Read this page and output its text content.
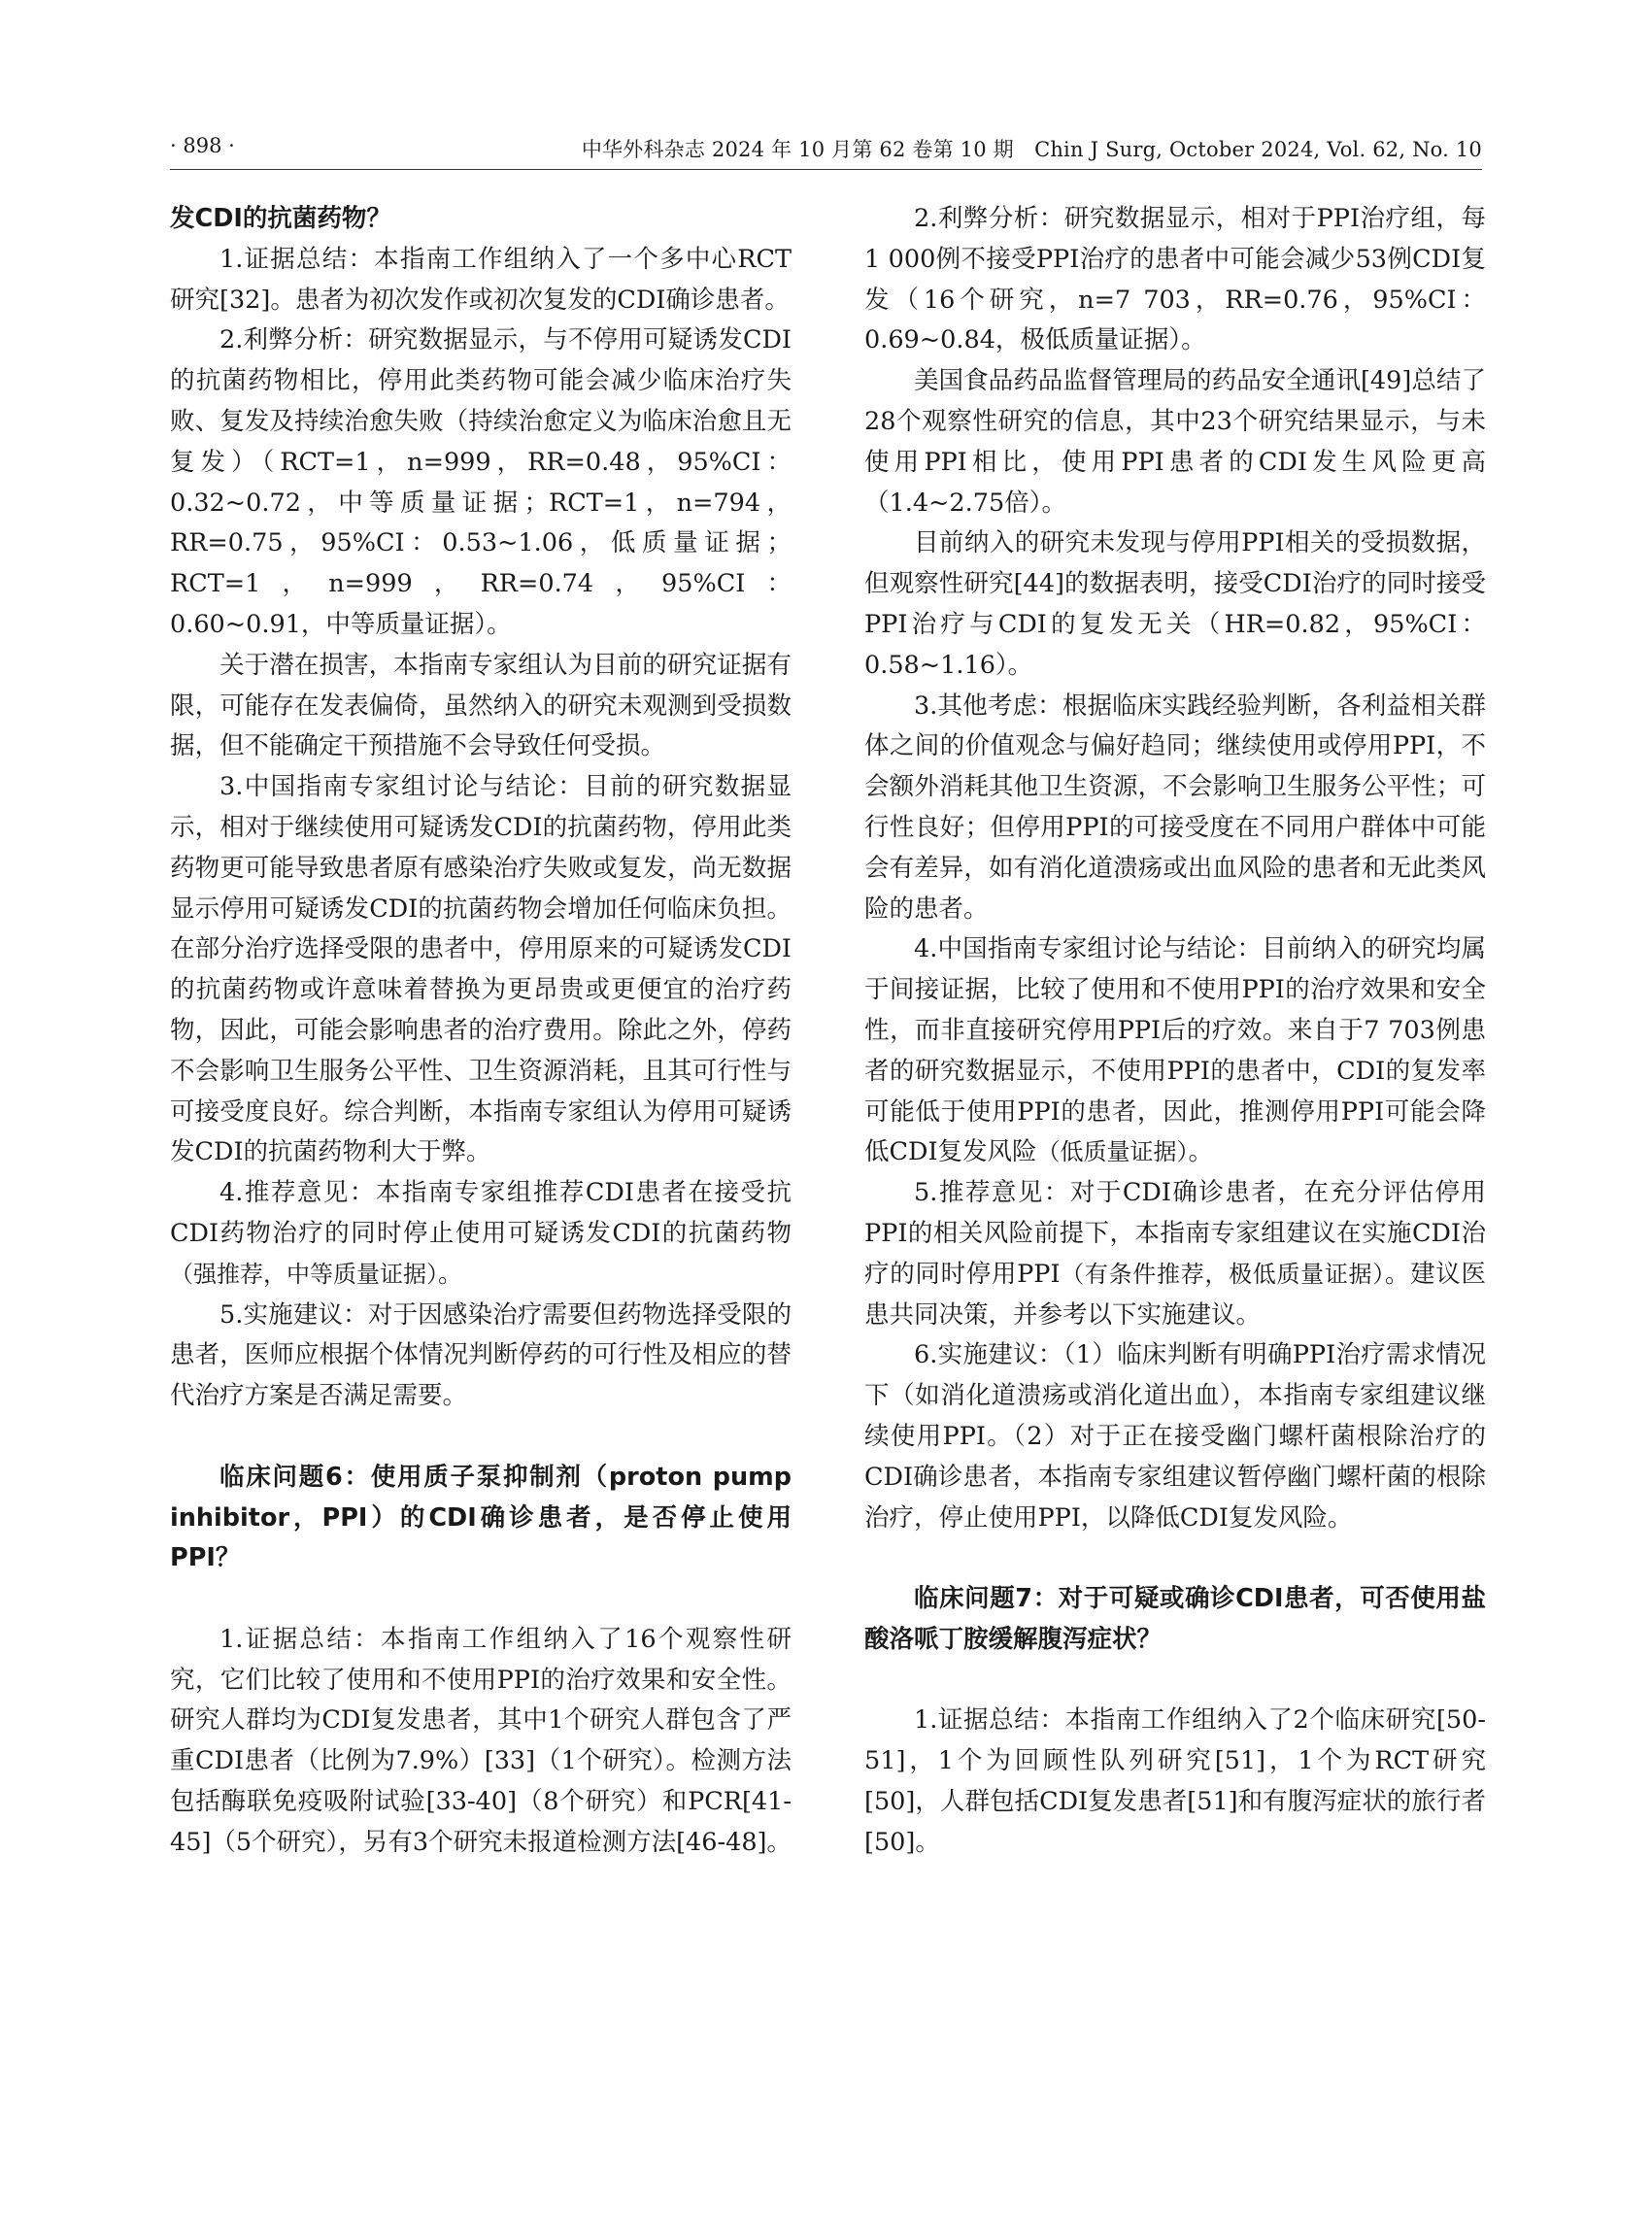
· 898 ·	中华外科杂志 2024 年 10 月第 62 卷第 10 期　Chin J Surg, October 2024, Vol. 62, No. 10

发CDI的抗菌药物？

1.证据总结：本指南工作组纳入了一个多中心RCT研究[32]。患者为初次发作或初次复发的CDI确诊患者。

2.利弊分析：研究数据显示，与不停用可疑诱发CDI的抗菌药物相比，停用此类药物可能会减少临床治疗失败、复发及持续治愈失败（持续治愈定义为临床治愈且无复发）（RCT=1，n=999，RR=0.48，95%CI：0.32~0.72，中等质量证据；RCT=1，n=794，RR=0.75，95%CI：0.53~1.06，低质量证据；RCT=1，n=999，RR=0.74，95%CI：0.60~0.91，中等质量证据）。

关于潜在损害，本指南专家组认为目前的研究证据有限，可能存在发表偏倚，虽然纳入的研究未观测到受损数据，但不能确定干预措施不会导致任何受损。

3.中国指南专家组讨论与结论：目前的研究数据显示，相对于继续使用可疑诱发CDI的抗菌药物，停用此类药物更可能导致患者原有感染治疗失败或复发，尚无数据显示停用可疑诱发CDI的抗菌药物会增加任何临床负担。在部分治疗选择受限的患者中，停用原来的可疑诱发CDI的抗菌药物或许意味着替换为更昂贵或更便宜的治疗药物，因此，可能会影响患者的治疗费用。除此之外，停药不会影响卫生服务公平性、卫生资源消耗，且其可行性与可接受度良好。综合判断，本指南专家组认为停用可疑诱发CDI的抗菌药物利大于弊。

4.推荐意见：本指南专家组推荐CDI患者在接受抗CDI药物治疗的同时停止使用可疑诱发CDI的抗菌药物（强推荐，中等质量证据）。

5.实施建议：对于因感染治疗需要但药物选择受限的患者，医师应根据个体情况判断停药的可行性及相应的替代治疗方案是否满足需要。

临床问题6：使用质子泵抑制剂（proton pump inhibitor，PPI）的CDI确诊患者，是否停止使用PPI？

1.证据总结：本指南工作组纳入了16个观察性研究，它们比较了使用和不使用PPI的治疗效果和安全性。研究人群均为CDI复发患者，其中1个研究人群包含了严重CDI患者（比例为7.9%）[33]（1个研究）。检测方法包括酶联免疫吸附试验[33-40]（8个研究）和PCR[41-45]（5个研究），另有3个研究未报道检测方法[46-48]。

2.利弊分析：研究数据显示，相对于PPI治疗组，每1 000例不接受PPI治疗的患者中可能会减少53例CDI复发（16个研究，n=7 703，RR=0.76，95%CI：0.69~0.84，极低质量证据）。

美国食品药品监督管理局的药品安全通讯[49]总结了28个观察性研究的信息，其中23个研究结果显示，与未使用PPI相比，使用PPI患者的CDI发生风险更高（1.4~2.75倍）。

目前纳入的研究未发现与停用PPI相关的受损数据，但观察性研究[44]的数据表明，接受CDI治疗的同时接受PPI治疗与CDI的复发无关（HR=0.82，95%CI：0.58~1.16）。

3.其他考虑：根据临床实践经验判断，各利益相关群体之间的价值观念与偏好趋同；继续使用或停用PPI，不会额外消耗其他卫生资源，不会影响卫生服务公平性；可行性良好；但停用PPI的可接受度在不同用户群体中可能会有差异，如有消化道溃疡或出血风险的患者和无此类风险的患者。

4.中国指南专家组讨论与结论：目前纳入的研究均属于间接证据，比较了使用和不使用PPI的治疗效果和安全性，而非直接研究停用PPI后的疗效。来自于7 703例患者的研究数据显示，不使用PPI的患者中，CDI的复发率可能低于使用PPI的患者，因此，推测停用PPI可能会降低CDI复发风险（低质量证据）。

5.推荐意见：对于CDI确诊患者，在充分评估停用PPI的相关风险前提下，本指南专家组建议在实施CDI治疗的同时停用PPI（有条件推荐，极低质量证据）。建议医患共同决策，并参考以下实施建议。

6.实施建议：（1）临床判断有明确PPI治疗需求情况下（如消化道溃疡或消化道出血），本指南专家组建议继续使用PPI。（2）对于正在接受幽门螺杆菌根除治疗的CDI确诊患者，本指南专家组建议暂停幽门螺杆菌的根除治疗，停止使用PPI，以降低CDI复发风险。

临床问题7：对于可疑或确诊CDI患者，可否使用盐酸洛哌丁胺缓解腹泻症状？

1.证据总结：本指南工作组纳入了2个临床研究[50-51]，1个为回顾性队列研究[51]，1个为RCT研究[50]，人群包括CDI复发患者[51]和有腹泻症状的旅行者[50]。
